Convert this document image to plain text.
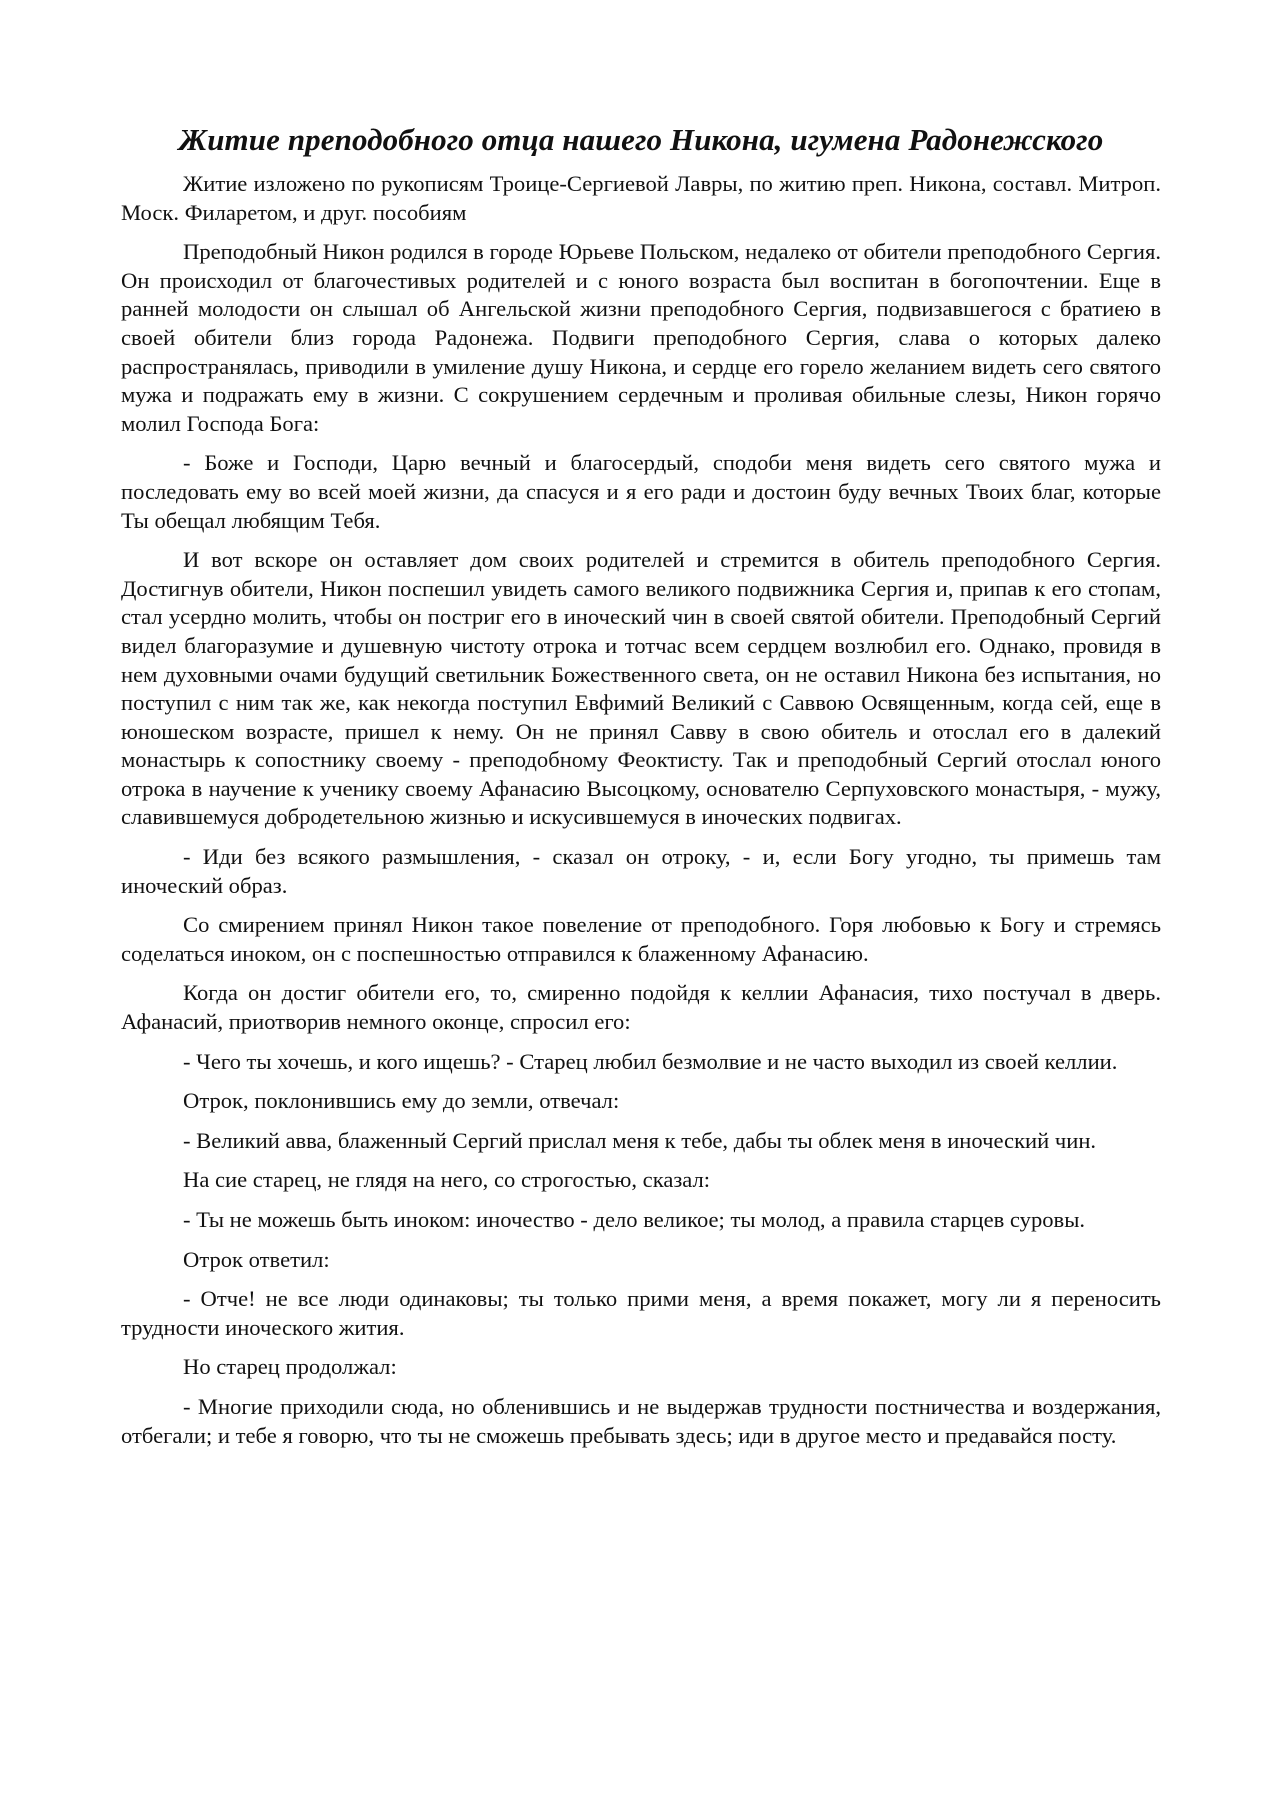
Житие преподобного отца нашего Никона, игумена Радонежского

Житие изложено по рукописям Троице-Сергиевой Лавры, по житию преп. Никона, составл. Митроп. Моск. Филаретом, и друг. пособиям

Преподобный Никон родился в городе Юрьеве Польском, недалеко от обители преподобного Сергия. Он происходил от благочестивых родителей и с юного возраста был воспитан в богопочтении. Еще в ранней молодости он слышал об Ангельской жизни преподобного Сергия, подвизавшегося с братиею в своей обители близ города Радонежа. Подвиги преподобного Сергия, слава о которых далеко распространялась, приводили в умиление душу Никона, и сердце его горело желанием видеть сего святого мужа и подражать ему в жизни. С сокрушением сердечным и проливая обильные слезы, Никон горячо молил Господа Бога:

- Боже и Господи, Царю вечный и благосердый, сподоби меня видеть сего святого мужа и последовать ему во всей моей жизни, да спасуся и я его ради и достоин буду вечных Твоих благ, которые Ты обещал любящим Тебя.

И вот вскоре он оставляет дом своих родителей и стремится в обитель преподобного Сергия. Достигнув обители, Никон поспешил увидеть самого великого подвижника Сергия и, припав к его стопам, стал усердно молить, чтобы он постриг его в иноческий чин в своей святой обители. Преподобный Сергий видел благоразумие и душевную чистоту отрока и тотчас всем сердцем возлюбил его. Однако, провидя в нем духовными очами будущий светильник Божественного света, он не оставил Никона без испытания, но поступил с ним так же, как некогда поступил Евфимий Великий с Саввою Освященным, когда сей, еще в юношеском возрасте, пришел к нему. Он не принял Савву в свою обитель и отослал его в далекий монастырь к сопостнику своему - преподобному Феоктисту. Так и преподобный Сергий отослал юного отрока в научение к ученику своему Афанасию Высоцкому, основателю Серпуховского монастыря, - мужу, славившемуся добродетельною жизнью и искусившемуся в иноческих подвигах.

- Иди без всякого размышления, - сказал он отроку, - и, если Богу угодно, ты примешь там иноческий образ.

Со смирением принял Никон такое повеление от преподобного. Горя любовью к Богу и стремясь соделаться иноком, он с поспешностью отправился к блаженному Афанасию.

Когда он достиг обители его, то, смиренно подойдя к келлии Афанасия, тихо постучал в дверь. Афанасий, приотворив немного оконце, спросил его:

- Чего ты хочешь, и кого ищешь? - Старец любил безмолвие и не часто выходил из своей келлии.

Отрок, поклонившись ему до земли, отвечал:

- Великий авва, блаженный Сергий прислал меня к тебе, дабы ты облек меня в иноческий чин.

На сие старец, не глядя на него, со строгостью, сказал:

- Ты не можешь быть иноком: иночество - дело великое; ты молод, а правила старцев суровы.

Отрок ответил:

- Отче! не все люди одинаковы; ты только прими меня, а время покажет, могу ли я переносить трудности иноческого жития.

Но старец продолжал:

- Многие приходили сюда, но обленившись и не выдержав трудности постничества и воздержания, отбегали; и тебе я говорю, что ты не сможешь пребывать здесь; иди в другое место и предавайся посту.
